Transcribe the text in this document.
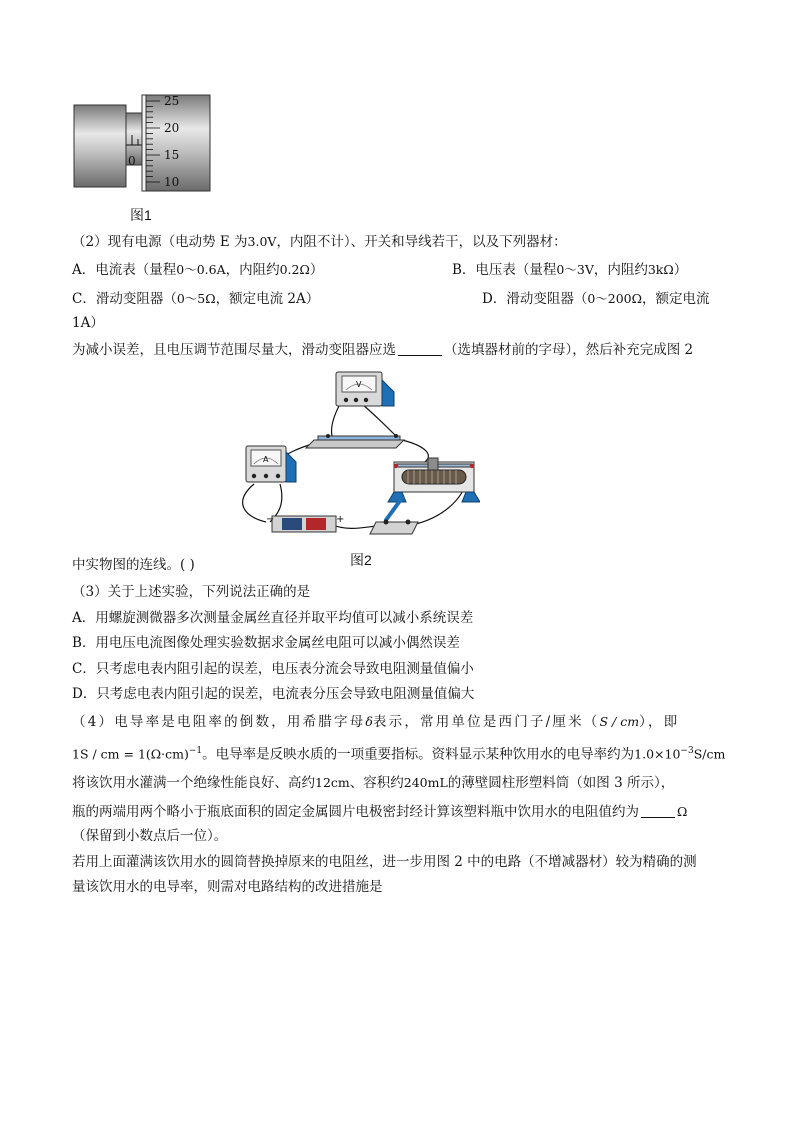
0
25
20
15
10
图1
（2）现有电源（电动势 E 为3.0V，内阻不计）、开关和导线若干，以及下列器材：
A．电流表（量程0～0.6A，内阻约0.2Ω）	B．电压表（量程0～3V，内阻约3kΩ）
C．滑动变阻器（0～5Ω，额定电流 2A）	D．滑动变阻器（0～200Ω，额定电流
1A）
为减小误差，且电压调节范围尽量大，滑动变阻器应选	（选填器材前的字母），然后补充完成图 2
V
A
−	+
中实物图的连线。( )	图2
（3）关于上述实验，下列说法正确的是
A．用螺旋测微器多次测量金属丝直径并取平均值可以减小系统误差
B．用电压电流图像处理实验数据求金属丝电阻可以减小偶然误差
C．只考虑电表内阻引起的误差，电压表分流会导致电阻测量值偏小
D．只考虑电表内阻引起的误差，电流表分压会导致电阻测量值偏大
（4）电导率是电阻率的倒数，用希腊字母δ表示，常用单位是西门子/厘米（S / cm），即
1S / cm = $1(\Omega\cdot cm)^{-1}$。电导率是反映水质的一项重要指标。资料显示某种饮用水的电导率约为$1.0\times 10^{-3}S/cm$
将该饮用水灌满一个绝缘性能良好、高约12cm、容积约240mL的薄壁圆柱形塑料筒（如图 3 所示），
瓶的两端用两个略小于瓶底面积的固定金属圆片电极密封经计算该塑料瓶中饮用水的电阻值约为	Ω
（保留到小数点后一位）。
若用上面灌满该饮用水的圆筒替换掉原来的电阻丝，进一步用图 2 中的电路（不增减器材）较为精确的测
量该饮用水的电导率，则需对电路结构的改进措施是
